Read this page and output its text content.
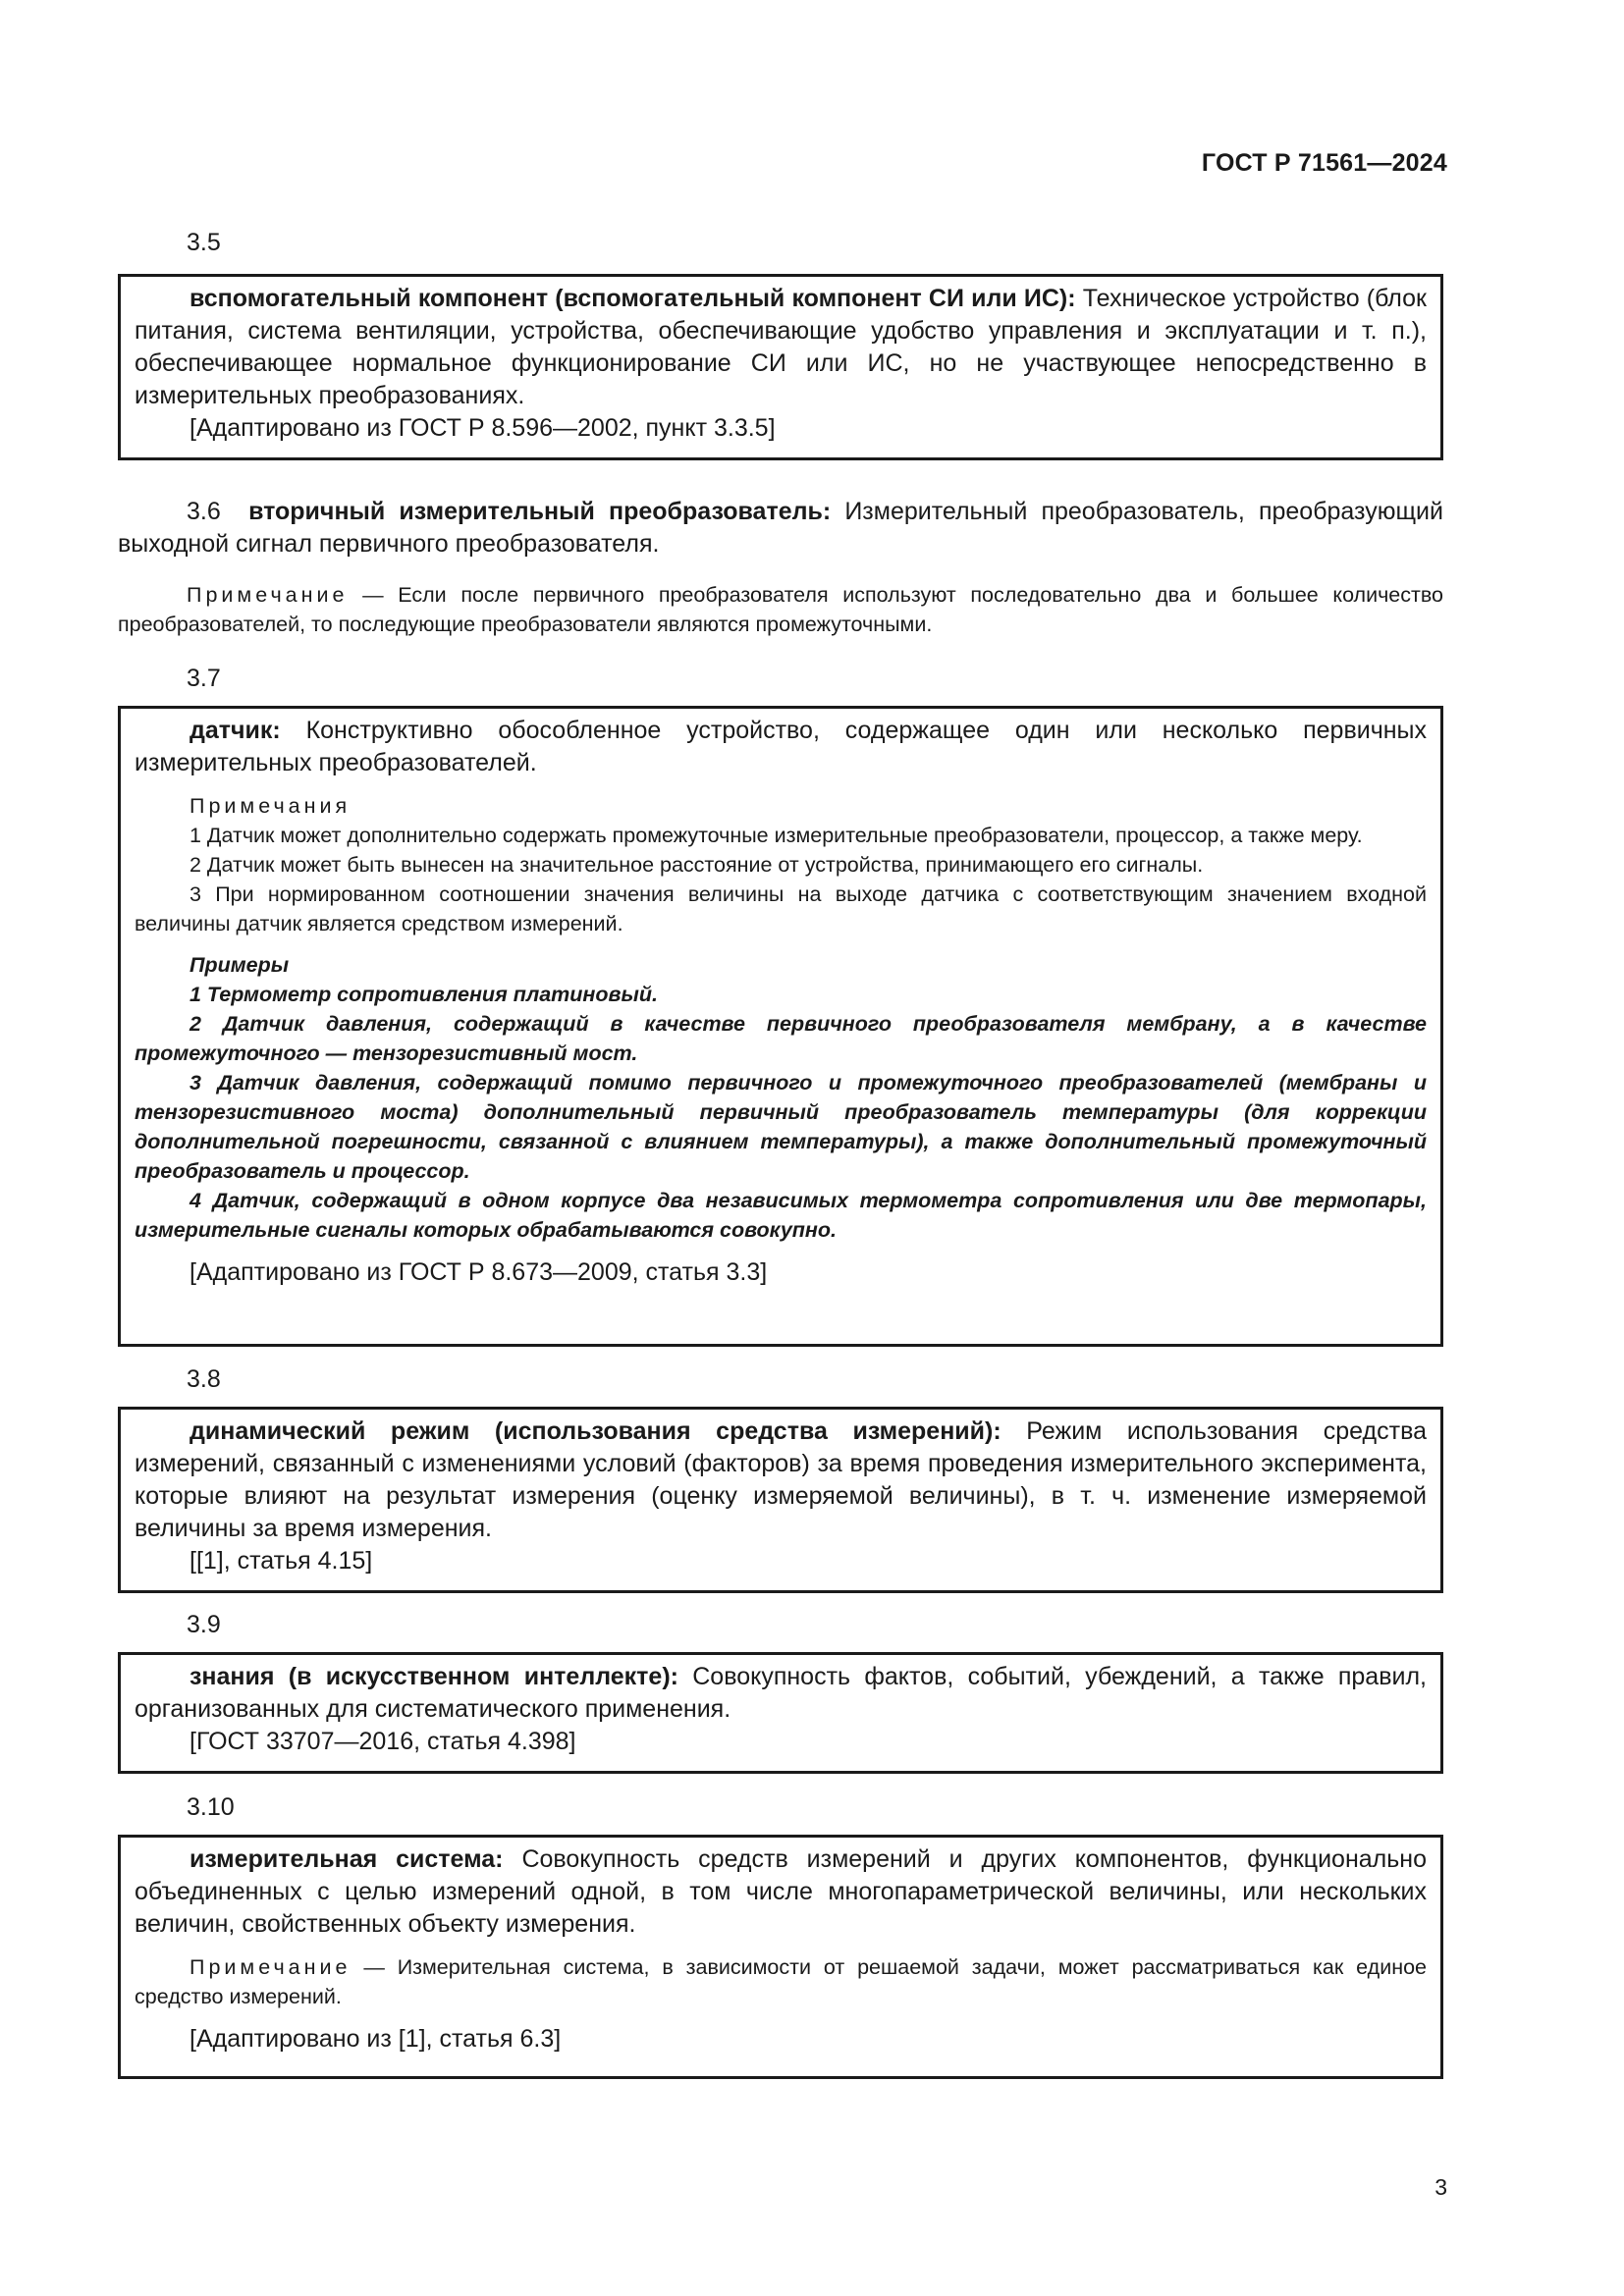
ГОСТ Р 71561—2024
3.5

вспомогательный компонент (вспомогательный компонент СИ или ИС): Техническое устройство (блок питания, система вентиляции, устройства, обеспечивающие удобство управления и эксплуатации и т. п.), обеспечивающее нормальное функционирование СИ или ИС, но не участвующее непосредственно в измерительных преобразованиях.

[Адаптировано из ГОСТ Р 8.596—2002, пункт 3.3.5]

3.6 вторичный измерительный преобразователь: Измерительный преобразователь, преобразующий выходной сигнал первичного преобразователя.

Примечание — Если после первичного преобразователя используют последовательно два и большее количество преобразователей, то последующие преобразователи являются промежуточными.

3.7

датчик: Конструктивно обособленное устройство, содержащее один или несколько первичных измерительных преобразователей.

Примечания

1 Датчик может дополнительно содержать промежуточные измерительные преобразователи, процессор, а также меру.

2 Датчик может быть вынесен на значительное расстояние от устройства, принимающего его сигналы.

3 При нормированном соотношении значения величины на выходе датчика с соответствующим значением входной величины датчик является средством измерений.

Примеры

1 Термометр сопротивления платиновый.

2 Датчик давления, содержащий в качестве первичного преобразователя мембрану, а в качестве промежуточного — тензорезистивный мост.

3 Датчик давления, содержащий помимо первичного и промежуточного преобразователей (мембраны и тензорезистивного моста) дополнительный первичный преобразователь температуры (для коррекции дополнительной погрешности, связанной с влиянием температуры), а также дополнительный промежуточный преобразователь и процессор.

4 Датчик, содержащий в одном корпусе два независимых термометра сопротивления или две термопары, измерительные сигналы которых обрабатываются совокупно.

[Адаптировано из ГОСТ Р 8.673—2009, статья 3.3]
3.8

динамический режим (использования средства измерений): Режим использования средства измерений, связанный с изменениями условий (факторов) за время проведения измерительного эксперимента, которые влияют на результат измерения (оценку измеряемой величины), в т. ч. изменение измеряемой величины за время измерения.

[[1], статья 4.15]
3.9

знания (в искусственном интеллекте): Совокупность фактов, событий, убеждений, а также правил, организованных для систематического применения.

[ГОСТ 33707—2016, статья 4.398]
3.10

измерительная система: Совокупность средств измерений и других компонентов, функционально объединенных с целью измерений одной, в том числе многопараметрической величины, или нескольких величин, свойственных объекту измерения.

Примечание — Измерительная система, в зависимости от решаемой задачи, может рассматриваться как единое средство измерений.

[Адаптировано из [1], статья 6.3]
3
